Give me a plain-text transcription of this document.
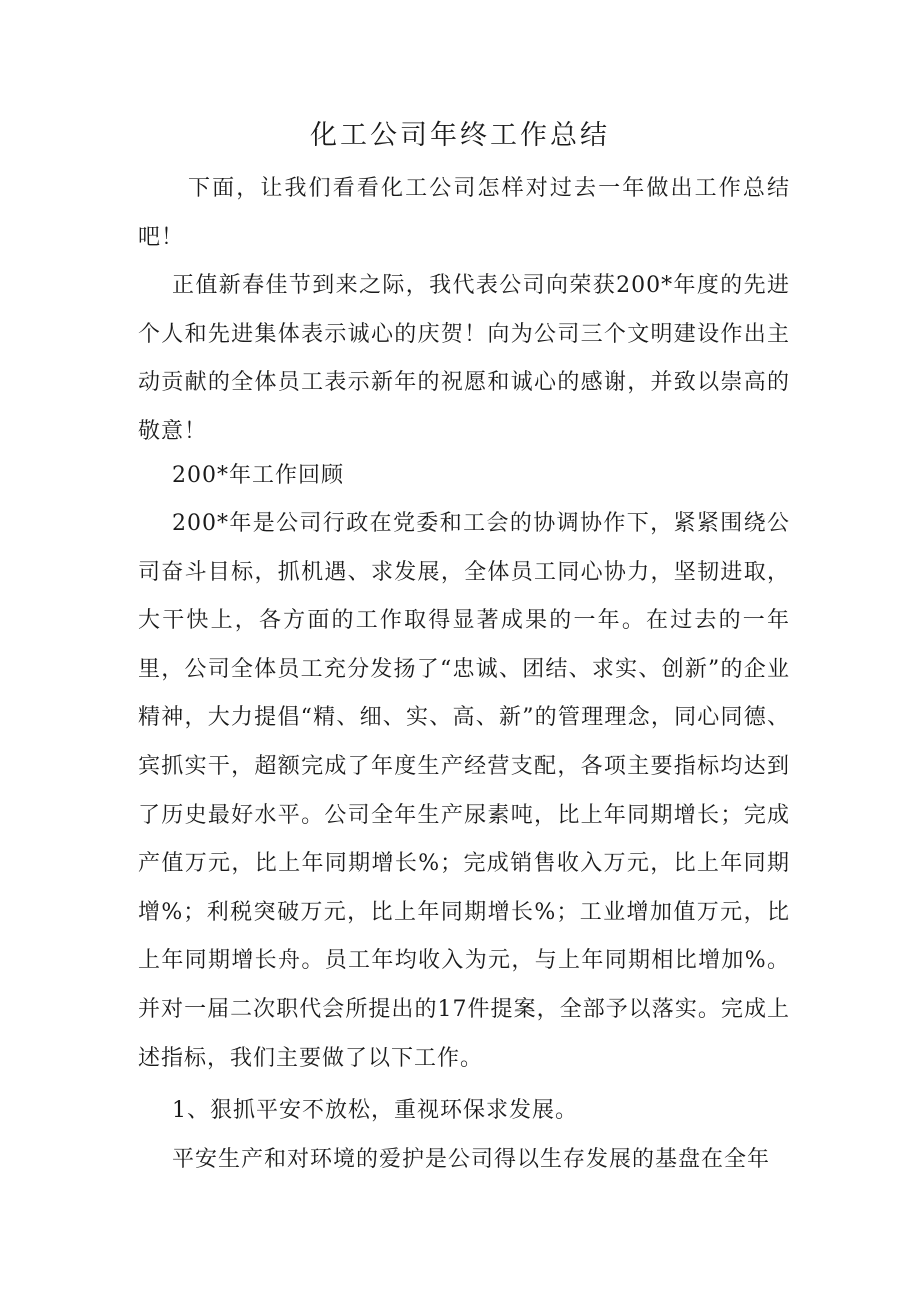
化工公司年终工作总结

下面，让我们看看化工公司怎样对过去一年做出工作总结吧！

正值新春佳节到来之际，我代表公司向荣获200*年度的先进个人和先进集体表示诚心的庆贺！向为公司三个文明建设作出主动贡献的全体员工表示新年的祝愿和诚心的感谢，并致以崇高的敬意！

200*年工作回顾

200*年是公司行政在党委和工会的协调协作下，紧紧围绕公司奋斗目标，抓机遇、求发展，全体员工同心协力，坚韧进取，大干快上，各方面的工作取得显著成果的一年。在过去的一年里，公司全体员工充分发扬了“忠诚、团结、求实、创新”的企业精神，大力提倡“精、细、实、高、新”的管理理念，同心同德、宾抓实干，超额完成了年度生产经营支配，各项主要指标均达到了历史最好水平。公司全年生产尿素吨，比上年同期增长；完成产值万元，比上年同期增长%；完成销售收入万元，比上年同期增%；利税突破万元，比上年同期增长%；工业增加值万元，比上年同期增长舟。员工年均收入为元，与上年同期相比增加%。并对一届二次职代会所提出的17件提案，全部予以落实。完成上述指标，我们主要做了以下工作。

1、狠抓平安不放松，重视环保求发展。

平安生产和对环境的爱护是公司得以生存发展的基盘在全年
